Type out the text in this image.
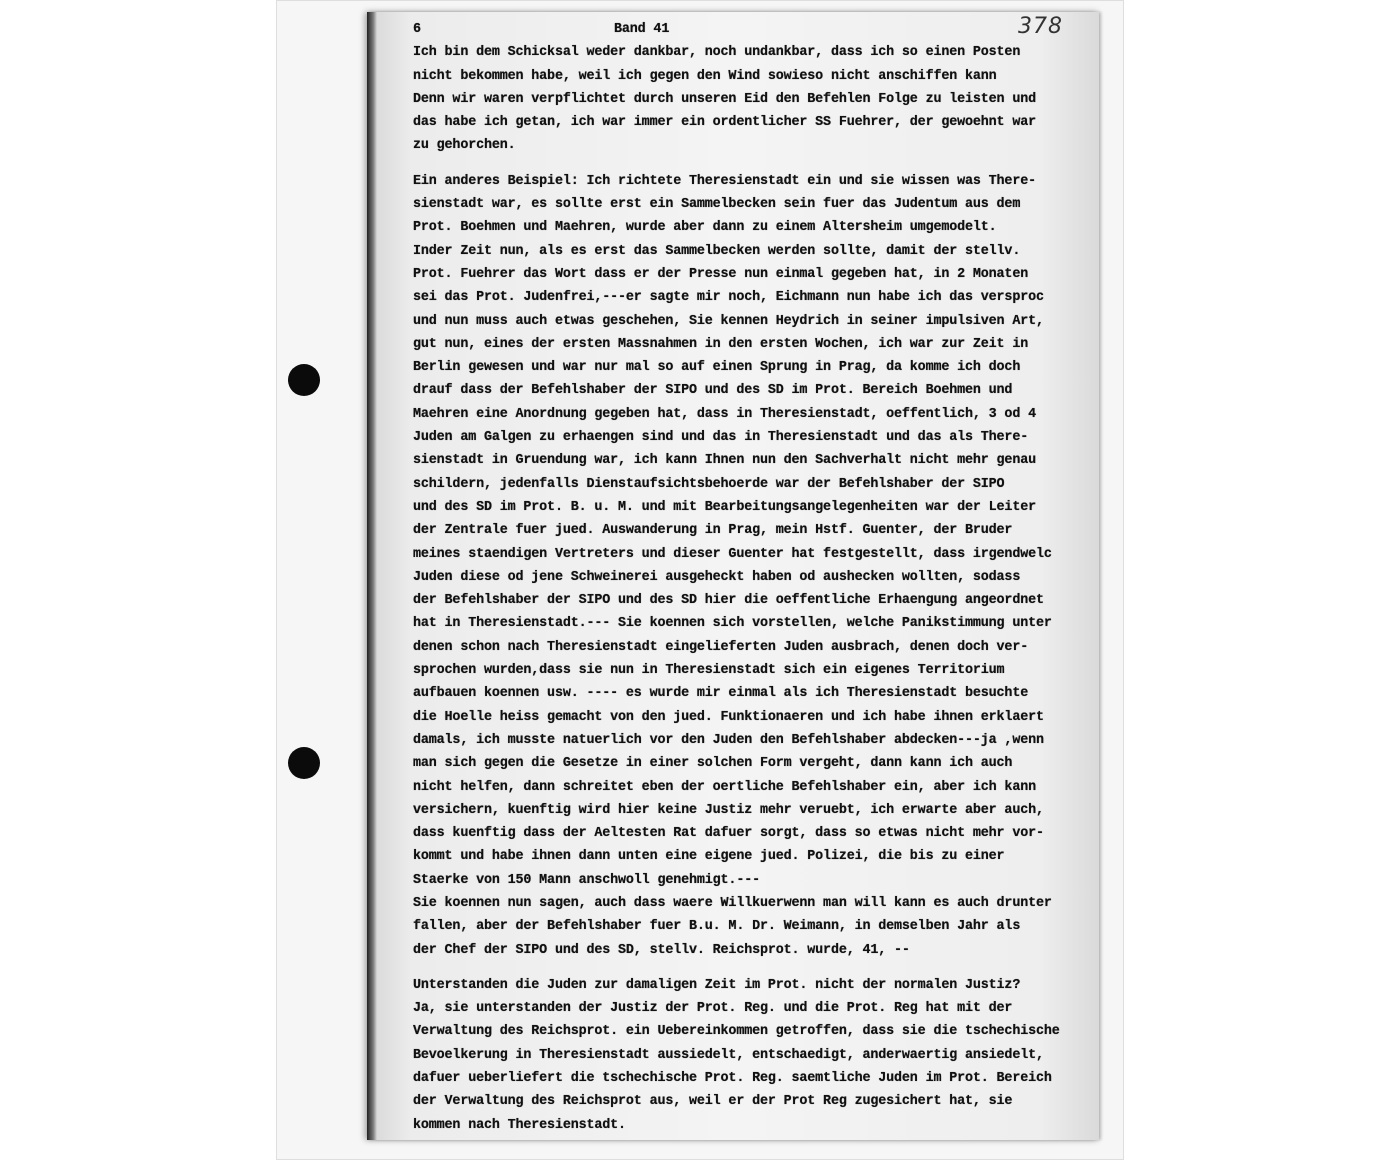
378
6	Band 41
Ich bin dem Schicksal weder dankbar, noch undankbar, dass ich so einen Posten
nicht bekommen habe, weil ich gegen den Wind sowieso nicht anschiffen kann
Denn wir waren verpflichtet durch unseren Eid den Befehlen Folge zu leisten und
das habe ich getan, ich war immer ein ordentlicher SS Fuehrer, der gewoehnt war
zu gehorchen.
Ein anderes Beispiel: Ich richtete Theresienstadt ein und sie wissen was There-
sienstadt war, es sollte erst ein Sammelbecken sein fuer das Judentum aus dem
Prot. Boehmen und Maehren, wurde aber dann zu einem Altersheim umgemodelt.
Inder Zeit nun, als es erst das Sammelbecken werden sollte, damit der stellv.
Prot. Fuehrer das Wort dass er der Presse nun einmal gegeben hat, in 2 Monaten
sei das Prot. Judenfrei,---er sagte mir noch, Eichmann nun habe ich das versproc
und nun muss auch etwas geschehen, Sie kennen Heydrich in seiner impulsiven Art,
gut nun, eines der ersten Massnahmen in den ersten Wochen, ich war zur Zeit in
Berlin gewesen und war nur mal so auf einen Sprung in Prag, da komme ich doch
drauf dass der Befehlshaber der SIPO und des SD im Prot. Bereich Boehmen und
Maehren eine Anordnung gegeben hat, dass in Theresienstadt, oeffentlich, 3 od 4
Juden am Galgen zu erhaengen sind und das in Theresienstadt und das als There-
sienstadt in Gruendung war, ich kann Ihnen nun den Sachverhalt nicht mehr genau
schildern, jedenfalls Dienstaufsichtsbehoerde war der Befehlshaber der SIPO
und des SD im Prot. B. u. M. und mit Bearbeitungsangelegenheiten war der Leiter
der Zentrale fuer jued. Auswanderung in Prag, mein Hstf. Guenter, der Bruder
meines staendigen Vertreters und dieser Guenter hat festgestellt, dass irgendwelc
Juden diese od jene Schweinerei ausgeheckt haben od aushecken wollten, sodass
der Befehlshaber der SIPO und des SD hier die oeffentliche Erhaengung angeordnet
hat in Theresienstadt.--- Sie koennen sich vorstellen, welche Panikstimmung unter
denen schon nach Theresienstadt eingelieferten Juden ausbrach, denen doch ver-
sprochen wurden,dass sie nun in Theresienstadt sich ein eigenes Territorium
aufbauen koennen usw. ---- es wurde mir einmal als ich Theresienstadt besuchte
die Hoelle heiss gemacht von den jued. Funktionaeren und ich habe ihnen erklaert
damals, ich musste natuerlich vor den Juden den Befehlshaber abdecken---ja ,wenn
man sich gegen die Gesetze in einer solchen Form vergeht, dann kann ich auch
nicht helfen, dann schreitet eben der oertliche Befehlshaber ein, aber ich kann
versichern, kuenftig wird hier keine Justiz mehr veruebt, ich erwarte aber auch,
dass kuenftig dass der Aeltesten Rat dafuer sorgt, dass so etwas nicht mehr vor-
kommt und habe ihnen dann unten eine eigene jued. Polizei, die bis zu einer
Staerke von 150 Mann anschwoll genehmigt.---
Sie koennen nun sagen, auch dass waere Willkuerwenn man will kann es auch drunter
fallen, aber der Befehlshaber fuer B.u. M. Dr. Weimann, in demselben Jahr als
der Chef der SIPO und des SD, stellv. Reichsprot. wurde, 41, --
Unterstanden die Juden zur damaligen Zeit im Prot. nicht der normalen Justiz?
Ja, sie unterstanden der Justiz der Prot. Reg. und die Prot. Reg hat mit der
Verwaltung des Reichsprot. ein Uebereinkommen getroffen, dass sie die tschechische
Bevoelkerung in Theresienstadt aussiedelt, entschaedigt, anderwaertig ansiedelt,
dafuer ueberliefert die tschechische Prot. Reg. saemtliche Juden im Prot. Bereich
der Verwaltung des Reichsprot aus, weil er der Prot Reg zugesichert hat, sie
kommen nach Theresienstadt.
